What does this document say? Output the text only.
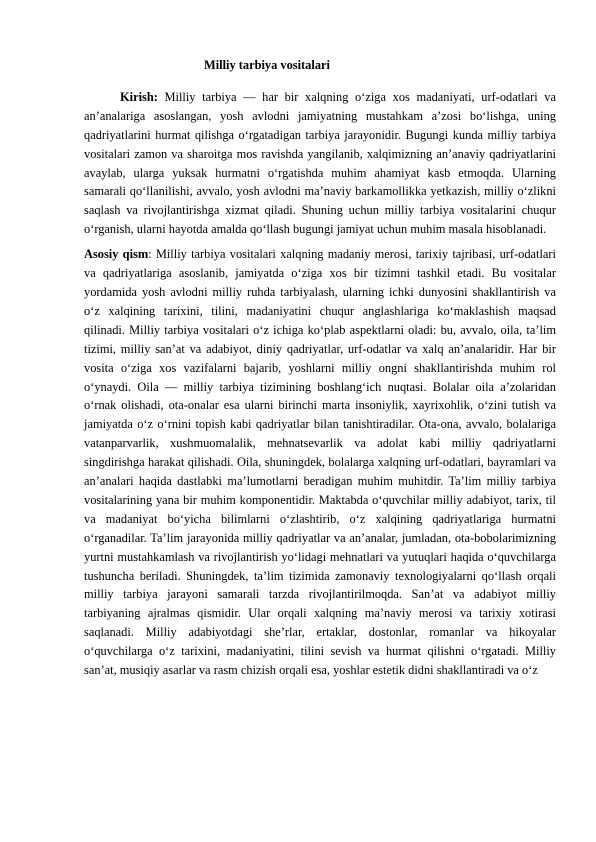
Milliy tarbiya vositalari

Kirish: Milliy tarbiya — har bir xalqning o‘ziga xos madaniyati, urf-odatlari va an’analariga asoslangan, yosh avlodni jamiyatning mustahkam a’zosi bo‘lishga, uning qadriyatlarini hurmat qilishga o‘rgatadigan tarbiya jarayonidir. Bugungi kunda milliy tarbiya vositalari zamon va sharoitga mos ravishda yangilanib, xalqimizning an’anaviy qadriyatlarini avaylab, ularga yuksak hurmatni o‘rgatishda muhim ahamiyat kasb etmoqda. Ularning samarali qo‘llanilishi, avvalo, yosh avlodni ma’naviy barkamollikka yetkazish, milliy o‘zlikni saqlash va rivojlantirishga xizmat qiladi. Shuning uchun milliy tarbiya vositalarini chuqur o‘rganish, ularni hayotda amalda qo‘llash bugungi jamiyat uchun muhim masala hisoblanadi.

Asosiy qism: Milliy tarbiya vositalari xalqning madaniy merosi, tarixiy tajribasi, urf-odatlari va qadriyatlariga asoslanib, jamiyatda o‘ziga xos bir tizimni tashkil etadi. Bu vositalar yordamida yosh avlodni milliy ruhda tarbiyalash, ularning ichki dunyosini shakllantirish va o‘z xalqining tarixini, tilini, madaniyatini chuqur anglashlariga ko‘maklashish maqsad qilinadi. Milliy tarbiya vositalari o‘z ichiga ko‘plab aspektlarni oladi: bu, avvalo, oila, ta’lim tizimi, milliy san’at va adabiyot, diniy qadriyatlar, urf-odatlar va xalq an’analaridir. Har bir vosita o‘ziga xos vazifalarni bajarib, yoshlarni milliy ongni shakllantirishda muhim rol o‘ynaydi. Oila — milliy tarbiya tizimining boshlang‘ich nuqtasi. Bolalar oila a’zolaridan o‘rnak olishadi, ota-onalar esa ularni birinchi marta insoniylik, xayrixohlik, o‘zini tutish va jamiyatda o‘z o‘rnini topish kabi qadriyatlar bilan tanishtiradilar. Ota-ona, avvalo, bolalariga vatanparvarlik, xushmuomalalik, mehnatsevarlik va adolat kabi milliy qadriyatlarni singdirishga harakat qilishadi. Oila, shuningdek, bolalarga xalqning urf-odatlari, bayramlari va an’analari haqida dastlabki ma’lumotlarni beradigan muhim muhitdir. Ta’lim milliy tarbiya vositalarining yana bir muhim komponentidir. Maktabda o‘quvchilar milliy adabiyot, tarix, til va madaniyat bo‘yicha bilimlarni o‘zlashtirib, o‘z xalqining qadriyatlariga hurmatni o‘rganadilar. Ta’lim jarayonida milliy qadriyatlar va an’analar, jumladan, ota-bobolarimizning yurtni mustahkamlash va rivojlantirish yo‘lidagi mehnatlari va yutuqlari haqida o‘quvchilarga tushuncha beriladi. Shuningdek, ta’lim tizimida zamonaviy texnologiyalarni qo‘llash orqali milliy tarbiya jarayoni samarali tarzda rivojlantirilmoqda. San’at va adabiyot milliy tarbiyaning ajralmas qismidir. Ular orqali xalqning ma’naviy merosi va tarixiy xotirasi saqlanadi. Milliy adabiyotdagi she’rlar, ertaklar, dostonlar, romanlar va hikoyalar o‘quvchilarga o‘z tarixini, madaniyatini, tilini sevish va hurmat qilishni o‘rgatadi. Milliy san’at, musiqiy asarlar va rasm chizish orqali esa, yoshlar estetik didni shakllantiradi va o‘z
